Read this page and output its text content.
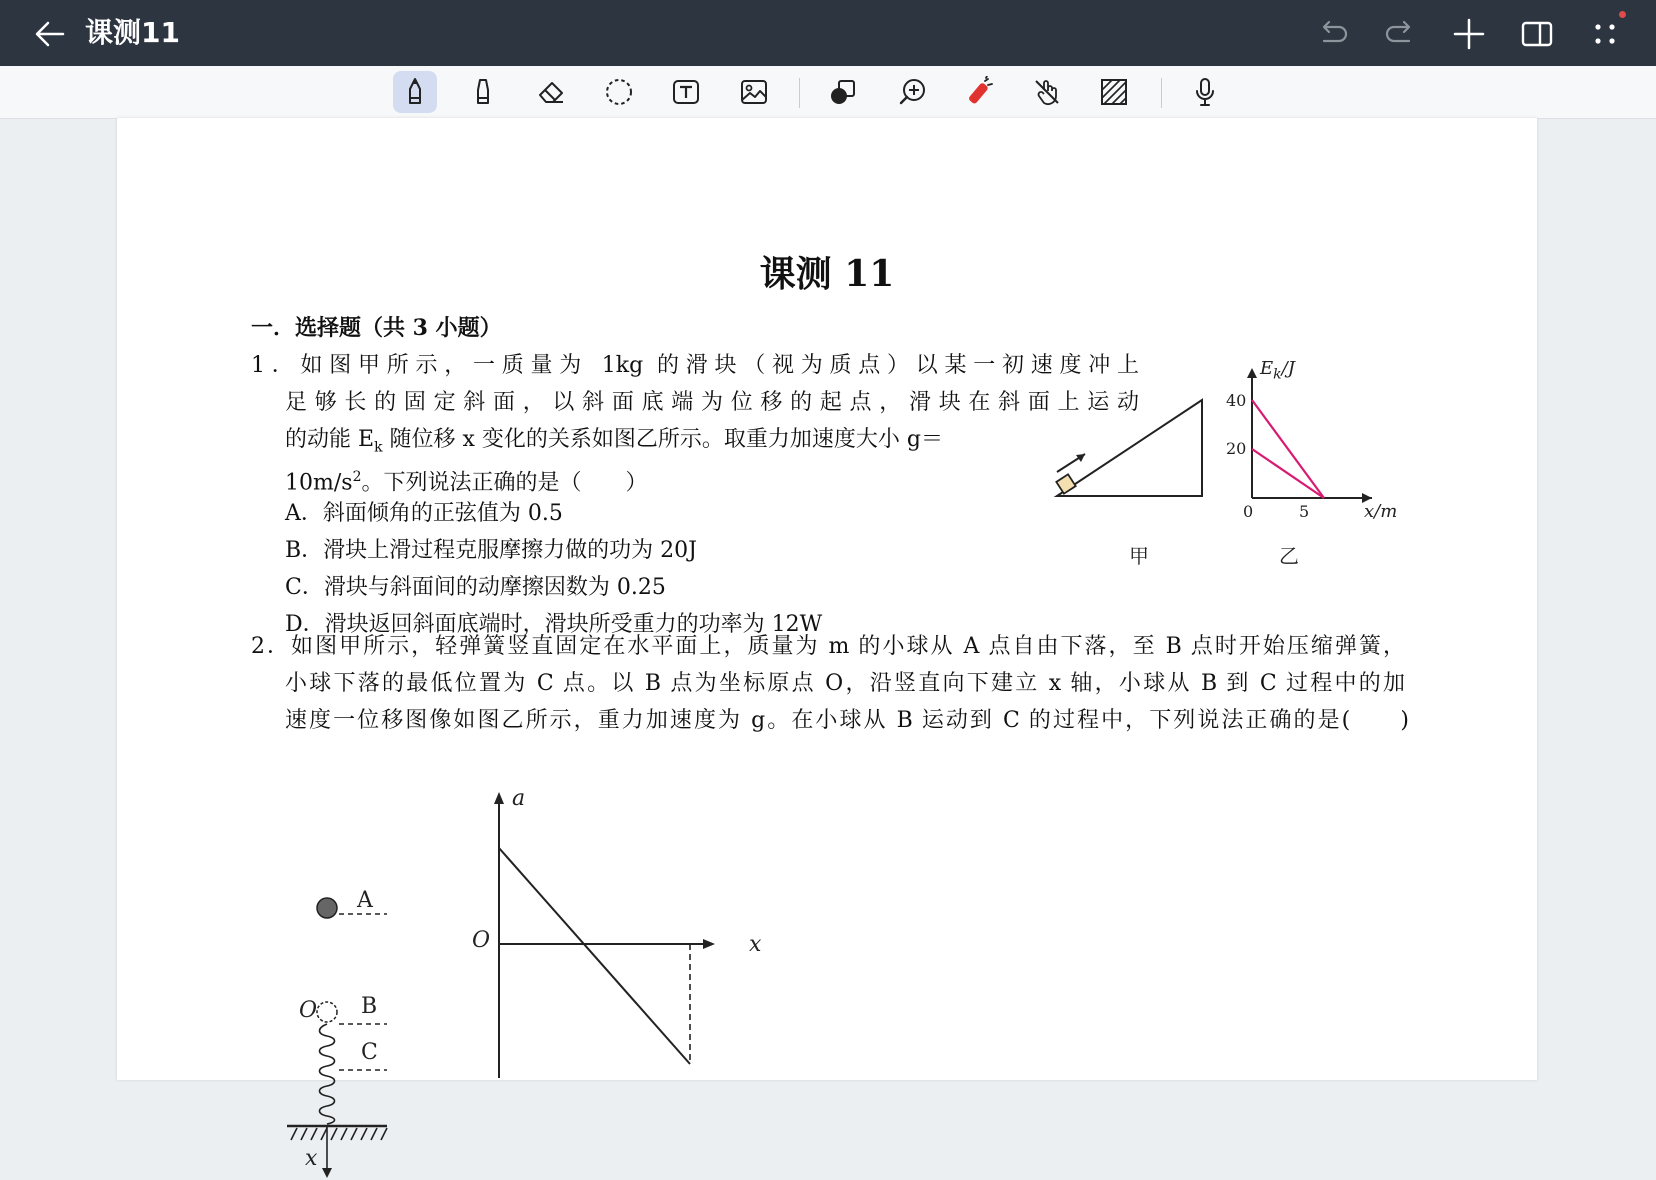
课测11
课测 11
一．选择题（共 3 小题）
1．如图甲所示，一质量为 1kg 的滑块（视为质点）以某一初速度冲上
足够长的固定斜面，以斜面底端为位移的起点，滑块在斜面上运动
的动能 $E_k$ 随位移 x 变化的关系如图乙所示。取重力加速度大小 g＝
$10m/s^2$。下列说法正确的是（　　）
A．斜面倾角的正弦值为 0.5
B．滑块上滑过程克服摩擦力做的功为 20J
C．滑块与斜面间的动摩擦因数为 0.25
D．滑块返回斜面底端时，滑块所受重力的功率为 12W
甲
$E_k/J$
40
20
0	5	x/m
乙
2．如图甲所示，轻弹簧竖直固定在水平面上，质量为 m 的小球从 A 点自由下落，至 B 点时开始压缩弹簧，
小球下落的最低位置为 C 点。以 B 点为坐标原点 O，沿竖直向下建立 x 轴，小球从 B 到 C 过程中的加
速度一位移图像如图乙所示，重力加速度为 g。在小球从 B 运动到 C 的过程中，下列说法正确的是(　　)
A
O B
C
x
a
O	x
